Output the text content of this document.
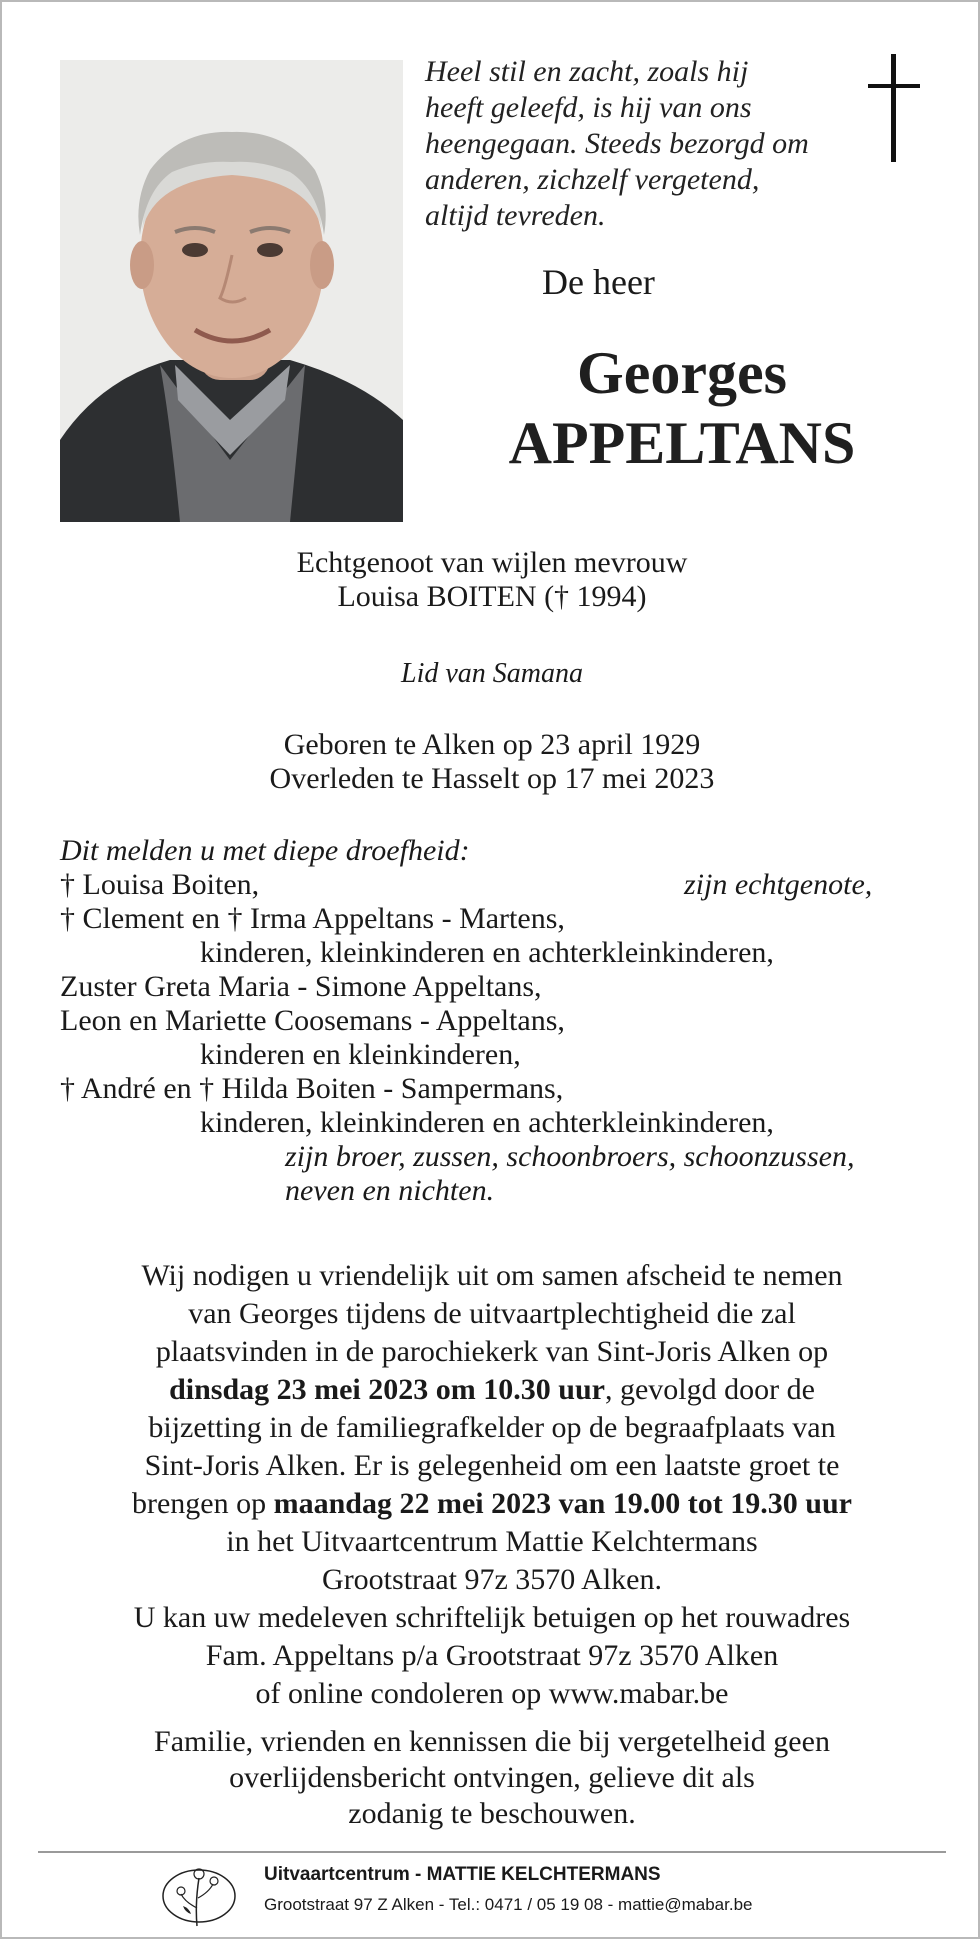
Heel stil en zacht, zoals hij
heeft geleefd, is hij van ons
heengegaan. Steeds bezorgd om
anderen, zichzelf vergetend,
altijd tevreden.
De heer
Georges
APPELTANS
Echtgenoot van wijlen mevrouw
Louisa BOITEN († 1994)
Lid van Samana
Geboren te Alken op 23 april 1929
Overleden te Hasselt op 17 mei 2023
Dit melden u met diepe droefheid:
† Louisa Boiten,	zijn echtgenote,
† Clement en † Irma Appeltans - Martens,
kinderen, kleinkinderen en achterkleinkinderen,
Zuster Greta Maria - Simone Appeltans,
Leon en Mariette Coosemans - Appeltans,
kinderen en kleinkinderen,
† André en † Hilda Boiten - Sampermans,
kinderen, kleinkinderen en achterkleinkinderen,
zijn broer, zussen, schoonbroers, schoonzussen,
neven en nichten.
Wij nodigen u vriendelijk uit om samen afscheid te nemen
van Georges tijdens de uitvaartplechtigheid die zal
plaatsvinden in de parochiekerk van Sint-Joris Alken op
dinsdag 23 mei 2023 om 10.30 uur, gevolgd door de
bijzetting in de familiegrafkelder op de begraafplaats van
Sint-Joris Alken. Er is gelegenheid om een laatste groet te
brengen op maandag 22 mei 2023 van 19.00 tot 19.30 uur
in het Uitvaartcentrum Mattie Kelchtermans
Grootstraat 97z 3570 Alken.
U kan uw medeleven schriftelijk betuigen op het rouwadres
Fam. Appeltans p/a Grootstraat 97z 3570 Alken
of online condoleren op www.mabar.be
Familie, vrienden en kennissen die bij vergetelheid geen
overlijdensbericht ontvingen, gelieve dit als
zodanig te beschouwen.
Uitvaartcentrum - MATTIE KELCHTERMANS
Grootstraat 97 Z Alken - Tel.: 0471 / 05 19 08 - mattie@mabar.be
